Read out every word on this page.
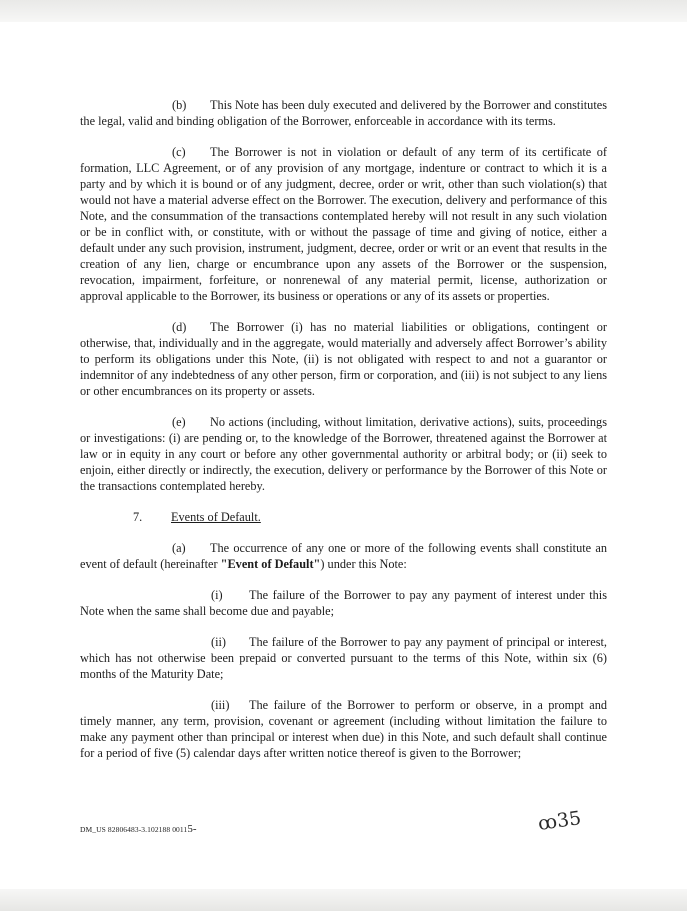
(b) This Note has been duly executed and delivered by the Borrower and constitutes the legal, valid and binding obligation of the Borrower, enforceable in accordance with its terms.

(c) The Borrower is not in violation or default of any term of its certificate of formation, LLC Agreement, or of any provision of any mortgage, indenture or contract to which it is a party and by which it is bound or of any judgment, decree, order or writ, other than such violation(s) that would not have a material adverse effect on the Borrower. The execution, delivery and performance of this Note, and the consummation of the transactions contemplated hereby will not result in any such violation or be in conflict with, or constitute, with or without the passage of time and giving of notice, either a default under any such provision, instrument, judgment, decree, order or writ or an event that results in the creation of any lien, charge or encumbrance upon any assets of the Borrower or the suspension, revocation, impairment, forfeiture, or nonrenewal of any material permit, license, authorization or approval applicable to the Borrower, its business or operations or any of its assets or properties.

(d) The Borrower (i) has no material liabilities or obligations, contingent or otherwise, that, individually and in the aggregate, would materially and adversely affect Borrower’s ability to perform its obligations under this Note, (ii) is not obligated with respect to and not a guarantor or indemnitor of any indebtedness of any other person, firm or corporation, and (iii) is not subject to any liens or other encumbrances on its property or assets.

(e) No actions (including, without limitation, derivative actions), suits, proceedings or investigations: (i) are pending or, to the knowledge of the Borrower, threatened against the Borrower at law or in equity in any court or before any other governmental authority or arbitral body; or (ii) seek to enjoin, either directly or indirectly, the execution, delivery or performance by the Borrower of this Note or the transactions contemplated hereby.

7. Events of Default.

(a) The occurrence of any one or more of the following events shall constitute an event of default (hereinafter "Event of Default") under this Note:

(i) The failure of the Borrower to pay any payment of interest under this Note when the same shall become due and payable;

(ii) The failure of the Borrower to pay any payment of principal or interest, which has not otherwise been prepaid or converted pursuant to the terms of this Note, within six (6) months of the Maturity Date;

(iii) The failure of the Borrower to perform or observe, in a prompt and timely manner, any term, provision, covenant or agreement (including without limitation the failure to make any payment other than principal or interest when due) in this Note, and such default shall continue for a period of five (5) calendar days after written notice thereof is given to the Borrower;

DM_US 82806483-3.102188 00115-	ꝏ35
